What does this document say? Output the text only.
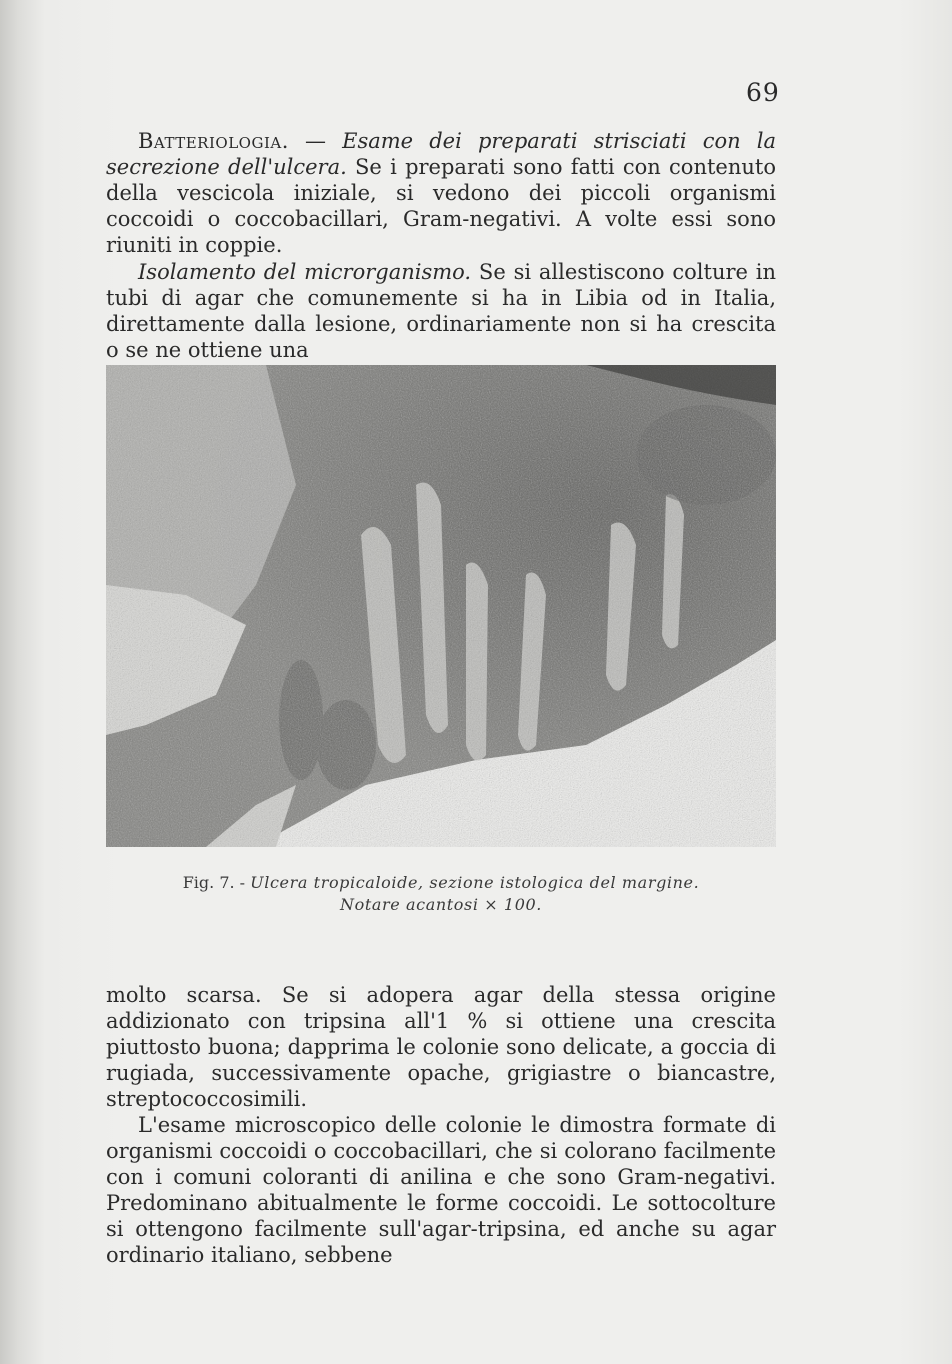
69

Batteriologia. — Esame dei preparati strisciati con la secrezione dell'ulcera. Se i preparati sono fatti con contenuto della vescicola iniziale, si vedono dei piccoli organismi coccoidi o coccobacillari, Gram-negativi. A volte essi sono riuniti in coppie.

Isolamento del microrganismo. Se si allestiscono colture in tubi di agar che comunemente si ha in Libia od in Italia, direttamente dalla lesione, ordinariamente non si ha crescita o se ne ottiene una

Fig. 7. - Ulcera tropicaloide, sezione istologica del margine.

Notare acantosi × 100.

molto scarsa. Se si adopera agar della stessa origine addizionato con tripsina all'1 % si ottiene una crescita piuttosto buona; dapprima le colonie sono delicate, a goccia di rugiada, successivamente opache, grigiastre o biancastre, streptococcosimili.

L'esame microscopico delle colonie le dimostra formate di organismi coccoidi o coccobacillari, che si colorano facilmente con i comuni coloranti di anilina e che sono Gram-negativi. Predominano abitualmente le forme coccoidi. Le sottocolture si ottengono facilmente sull'agar-tripsina, ed anche su agar ordinario italiano, sebbene
